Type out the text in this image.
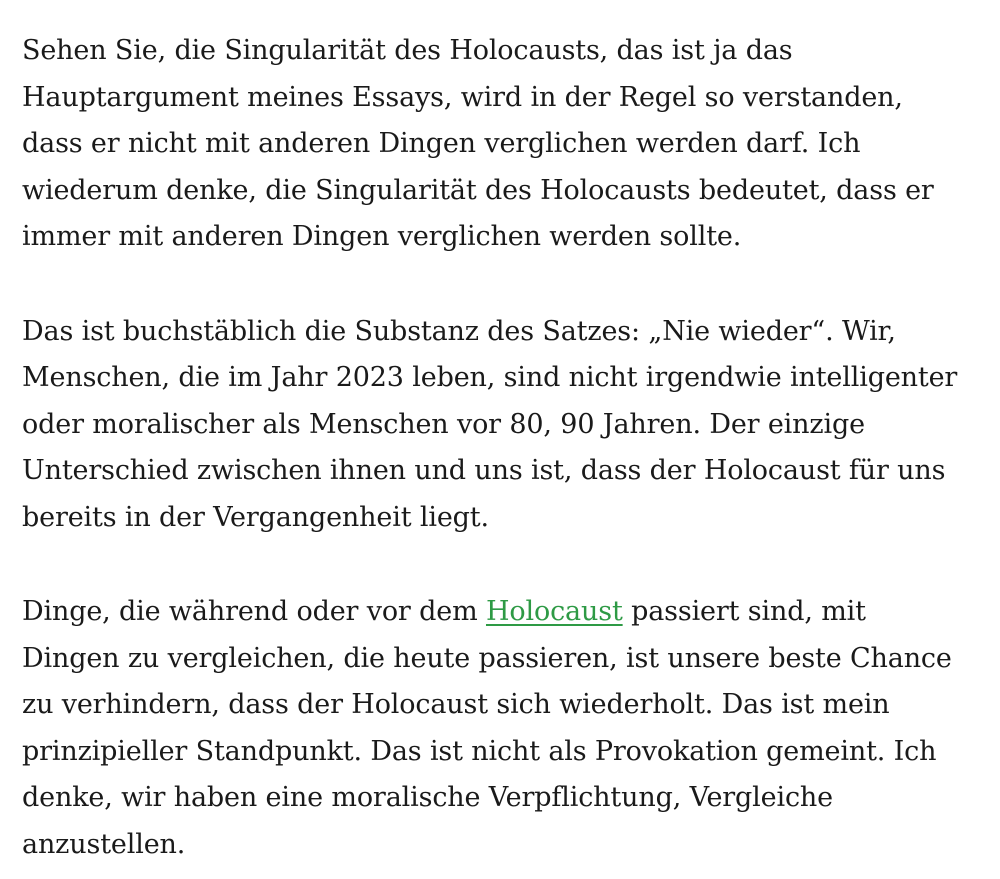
Sehen Sie, die Singularität des Holocausts, das ist ja das Hauptargument meines Essays, wird in der Regel so verstanden, dass er nicht mit anderen Dingen verglichen werden darf. Ich wiederum denke, die Singularität des Holocausts bedeutet, dass er immer mit anderen Dingen verglichen werden sollte.

Das ist buchstäblich die Substanz des Satzes: „Nie wieder“. Wir, Menschen, die im Jahr 2023 leben, sind nicht irgendwie intelligenter oder moralischer als Menschen vor 80, 90 Jahren. Der einzige Unterschied zwischen ihnen und uns ist, dass der Holocaust für uns bereits in der Vergangenheit liegt.

Dinge, die während oder vor dem Holocaust passiert sind, mit Dingen zu vergleichen, die heute passieren, ist unsere beste Chance zu verhindern, dass der Holocaust sich wiederholt. Das ist mein prinzipieller Standpunkt. Das ist nicht als Provokation gemeint. Ich denke, wir haben eine moralische Verpflichtung, Vergleiche anzustellen.
